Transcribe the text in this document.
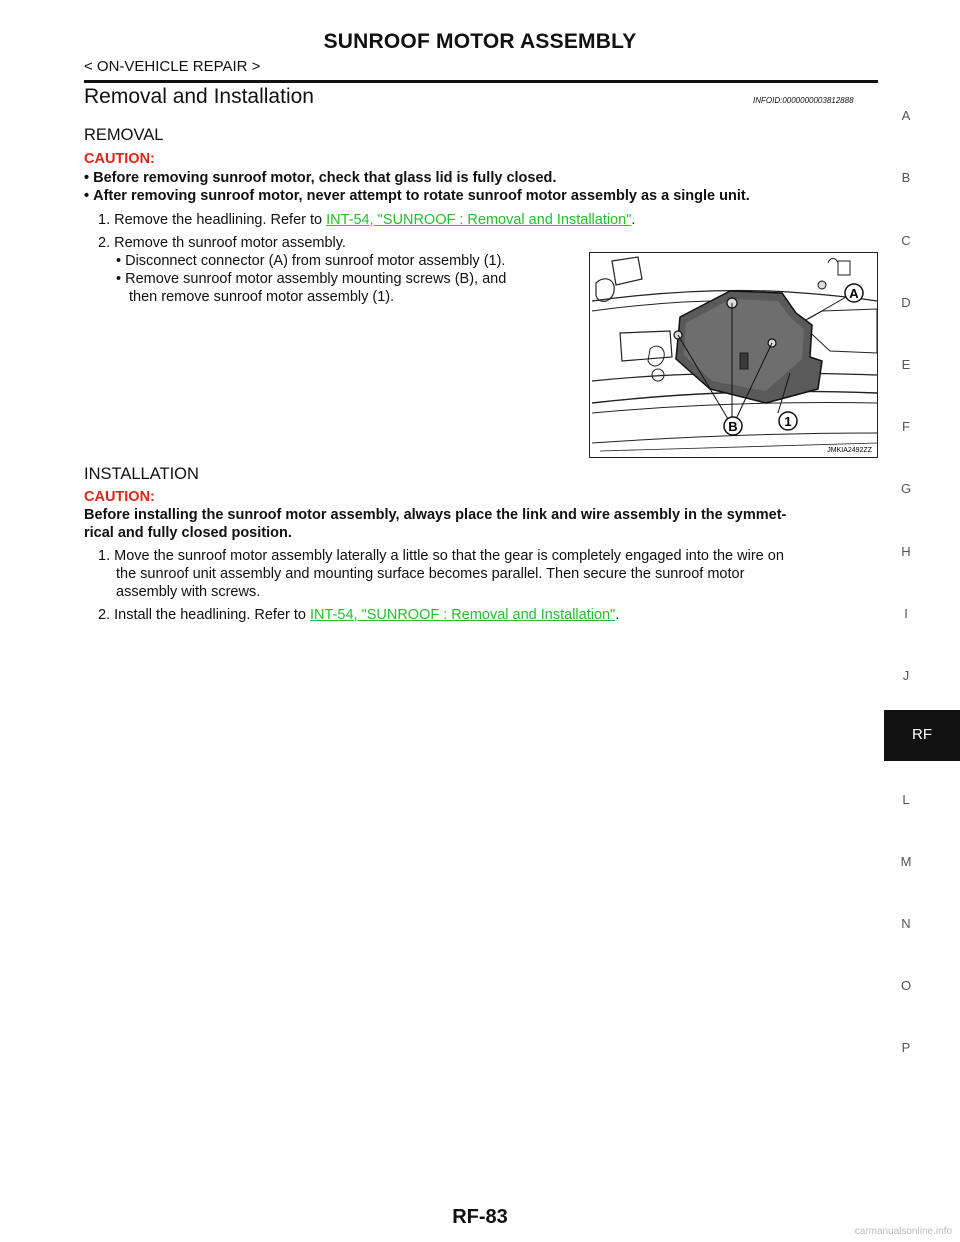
SUNROOF MOTOR ASSEMBLY
< ON-VEHICLE REPAIR >
Removal and Installation	INFOID:0000000003812888
REMOVAL
CAUTION:
• Before removing sunroof motor, check that glass lid is fully closed.
• After removing sunroof motor, never attempt to rotate sunroof motor assembly as a single unit.
1. Remove the headlining. Refer to INT-54, "SUNROOF : Removal and Installation".
2. Remove th sunroof motor assembly.
• Disconnect connector (A) from sunroof motor assembly (1).
• Remove sunroof motor assembly mounting screws (B), and
then remove sunroof motor assembly (1).	A
B	1
JMKIA2492ZZ
INSTALLATION
CAUTION:
Before installing the sunroof motor assembly, always place the link and wire assembly in the symmet-
rical and fully closed position.
1. Move the sunroof motor assembly laterally a little so that the gear is completely engaged into the wire on
the sunroof unit assembly and mounting surface becomes parallel. Then secure the sunroof motor
assembly with screws.
2. Install the headlining. Refer to INT-54, "SUNROOF : Removal and Installation".
A
B
C
D
E
F
G
H
I
J
RF
L
M
N
O
P
RF-83
carmanualsonline.info
